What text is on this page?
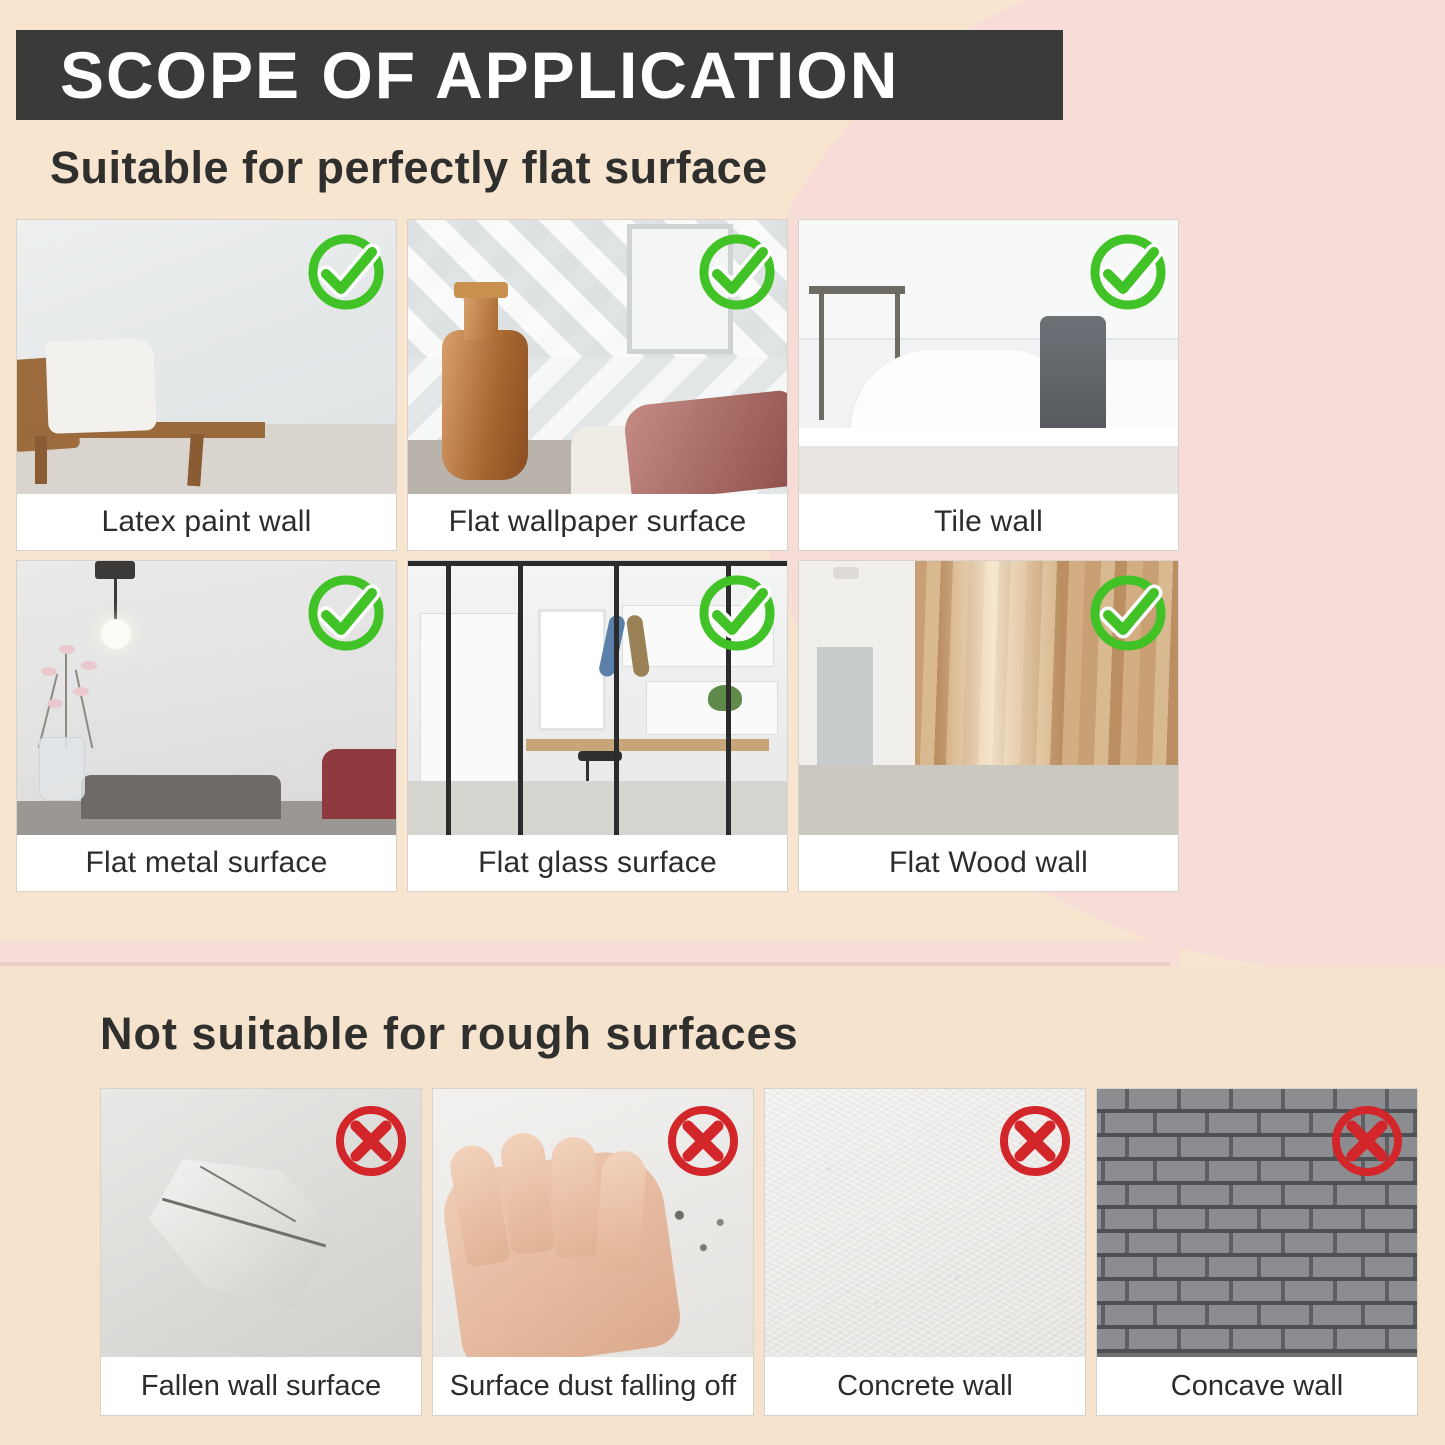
SCOPE OF APPLICATION
Suitable for perfectly flat surface
Latex paint wall	Flat wallpaper surface	Tile wall
Flat metal surface	Flat glass surface	Flat Wood wall
Not suitable for rough surfaces
Fallen wall surface	Surface dust falling off	Concrete wall	Concave wall
